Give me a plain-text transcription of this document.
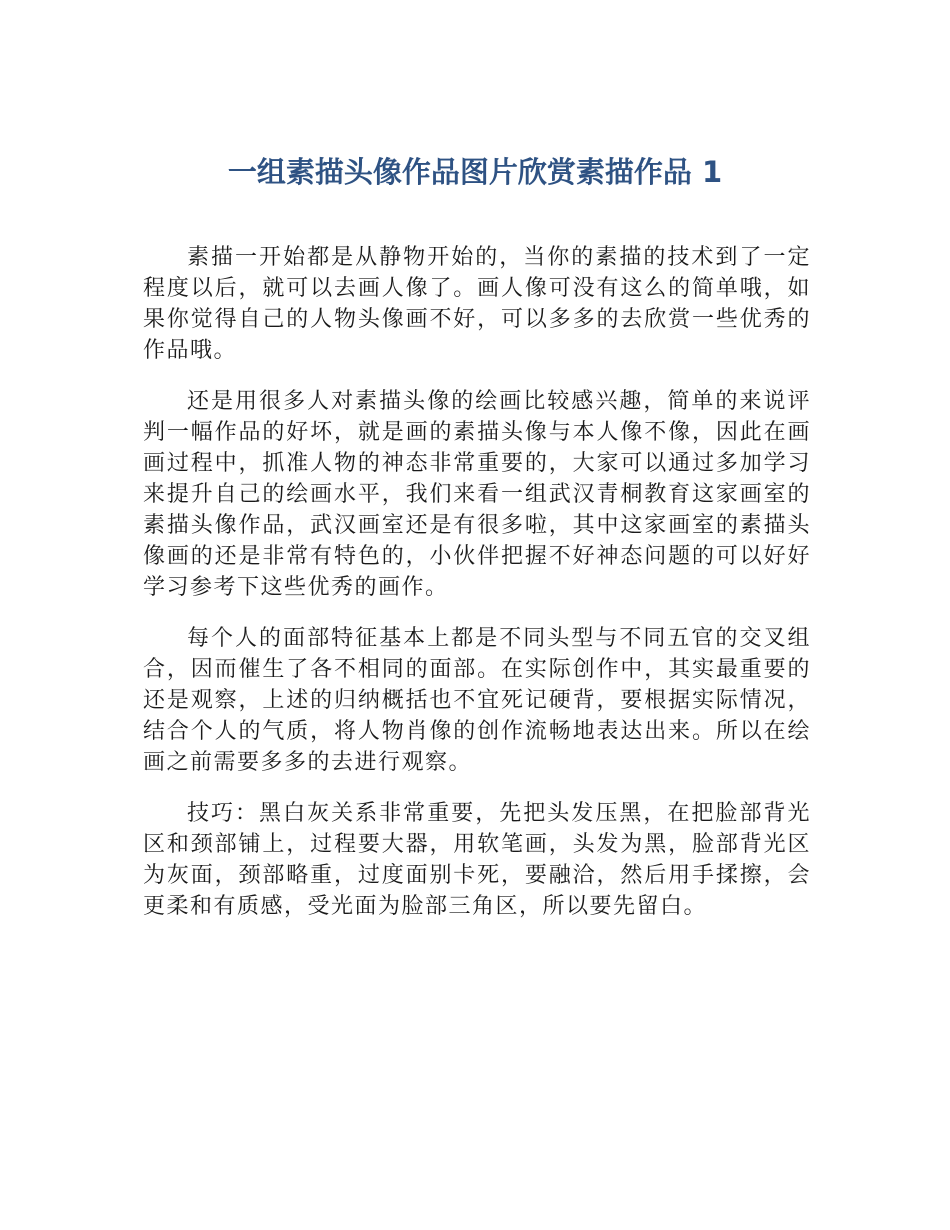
一组素描头像作品图片欣赏素描作品 1

素描一开始都是从静物开始的，当你的素描的技术到了一定程度以后，就可以去画人像了。画人像可没有这么的简单哦，如果你觉得自己的人物头像画不好，可以多多的去欣赏一些优秀的作品哦。

还是用很多人对素描头像的绘画比较感兴趣，简单的来说评判一幅作品的好坏，就是画的素描头像与本人像不像，因此在画画过程中，抓准人物的神态非常重要的，大家可以通过多加学习来提升自己的绘画水平，我们来看一组武汉青桐教育这家画室的素描头像作品，武汉画室还是有很多啦，其中这家画室的素描头像画的还是非常有特色的，小伙伴把握不好神态问题的可以好好学习参考下这些优秀的画作。

每个人的面部特征基本上都是不同头型与不同五官的交叉组合，因而催生了各不相同的面部。在实际创作中，其实最重要的还是观察，上述的归纳概括也不宜死记硬背，要根据实际情况，结合个人的气质，将人物肖像的创作流畅地表达出来。所以在绘画之前需要多多的去进行观察。

技巧：黑白灰关系非常重要，先把头发压黑，在把脸部背光区和颈部铺上，过程要大器，用软笔画，头发为黑，脸部背光区为灰面，颈部略重，过度面别卡死，要融洽，然后用手揉擦，会更柔和有质感，受光面为脸部三角区，所以要先留白。
